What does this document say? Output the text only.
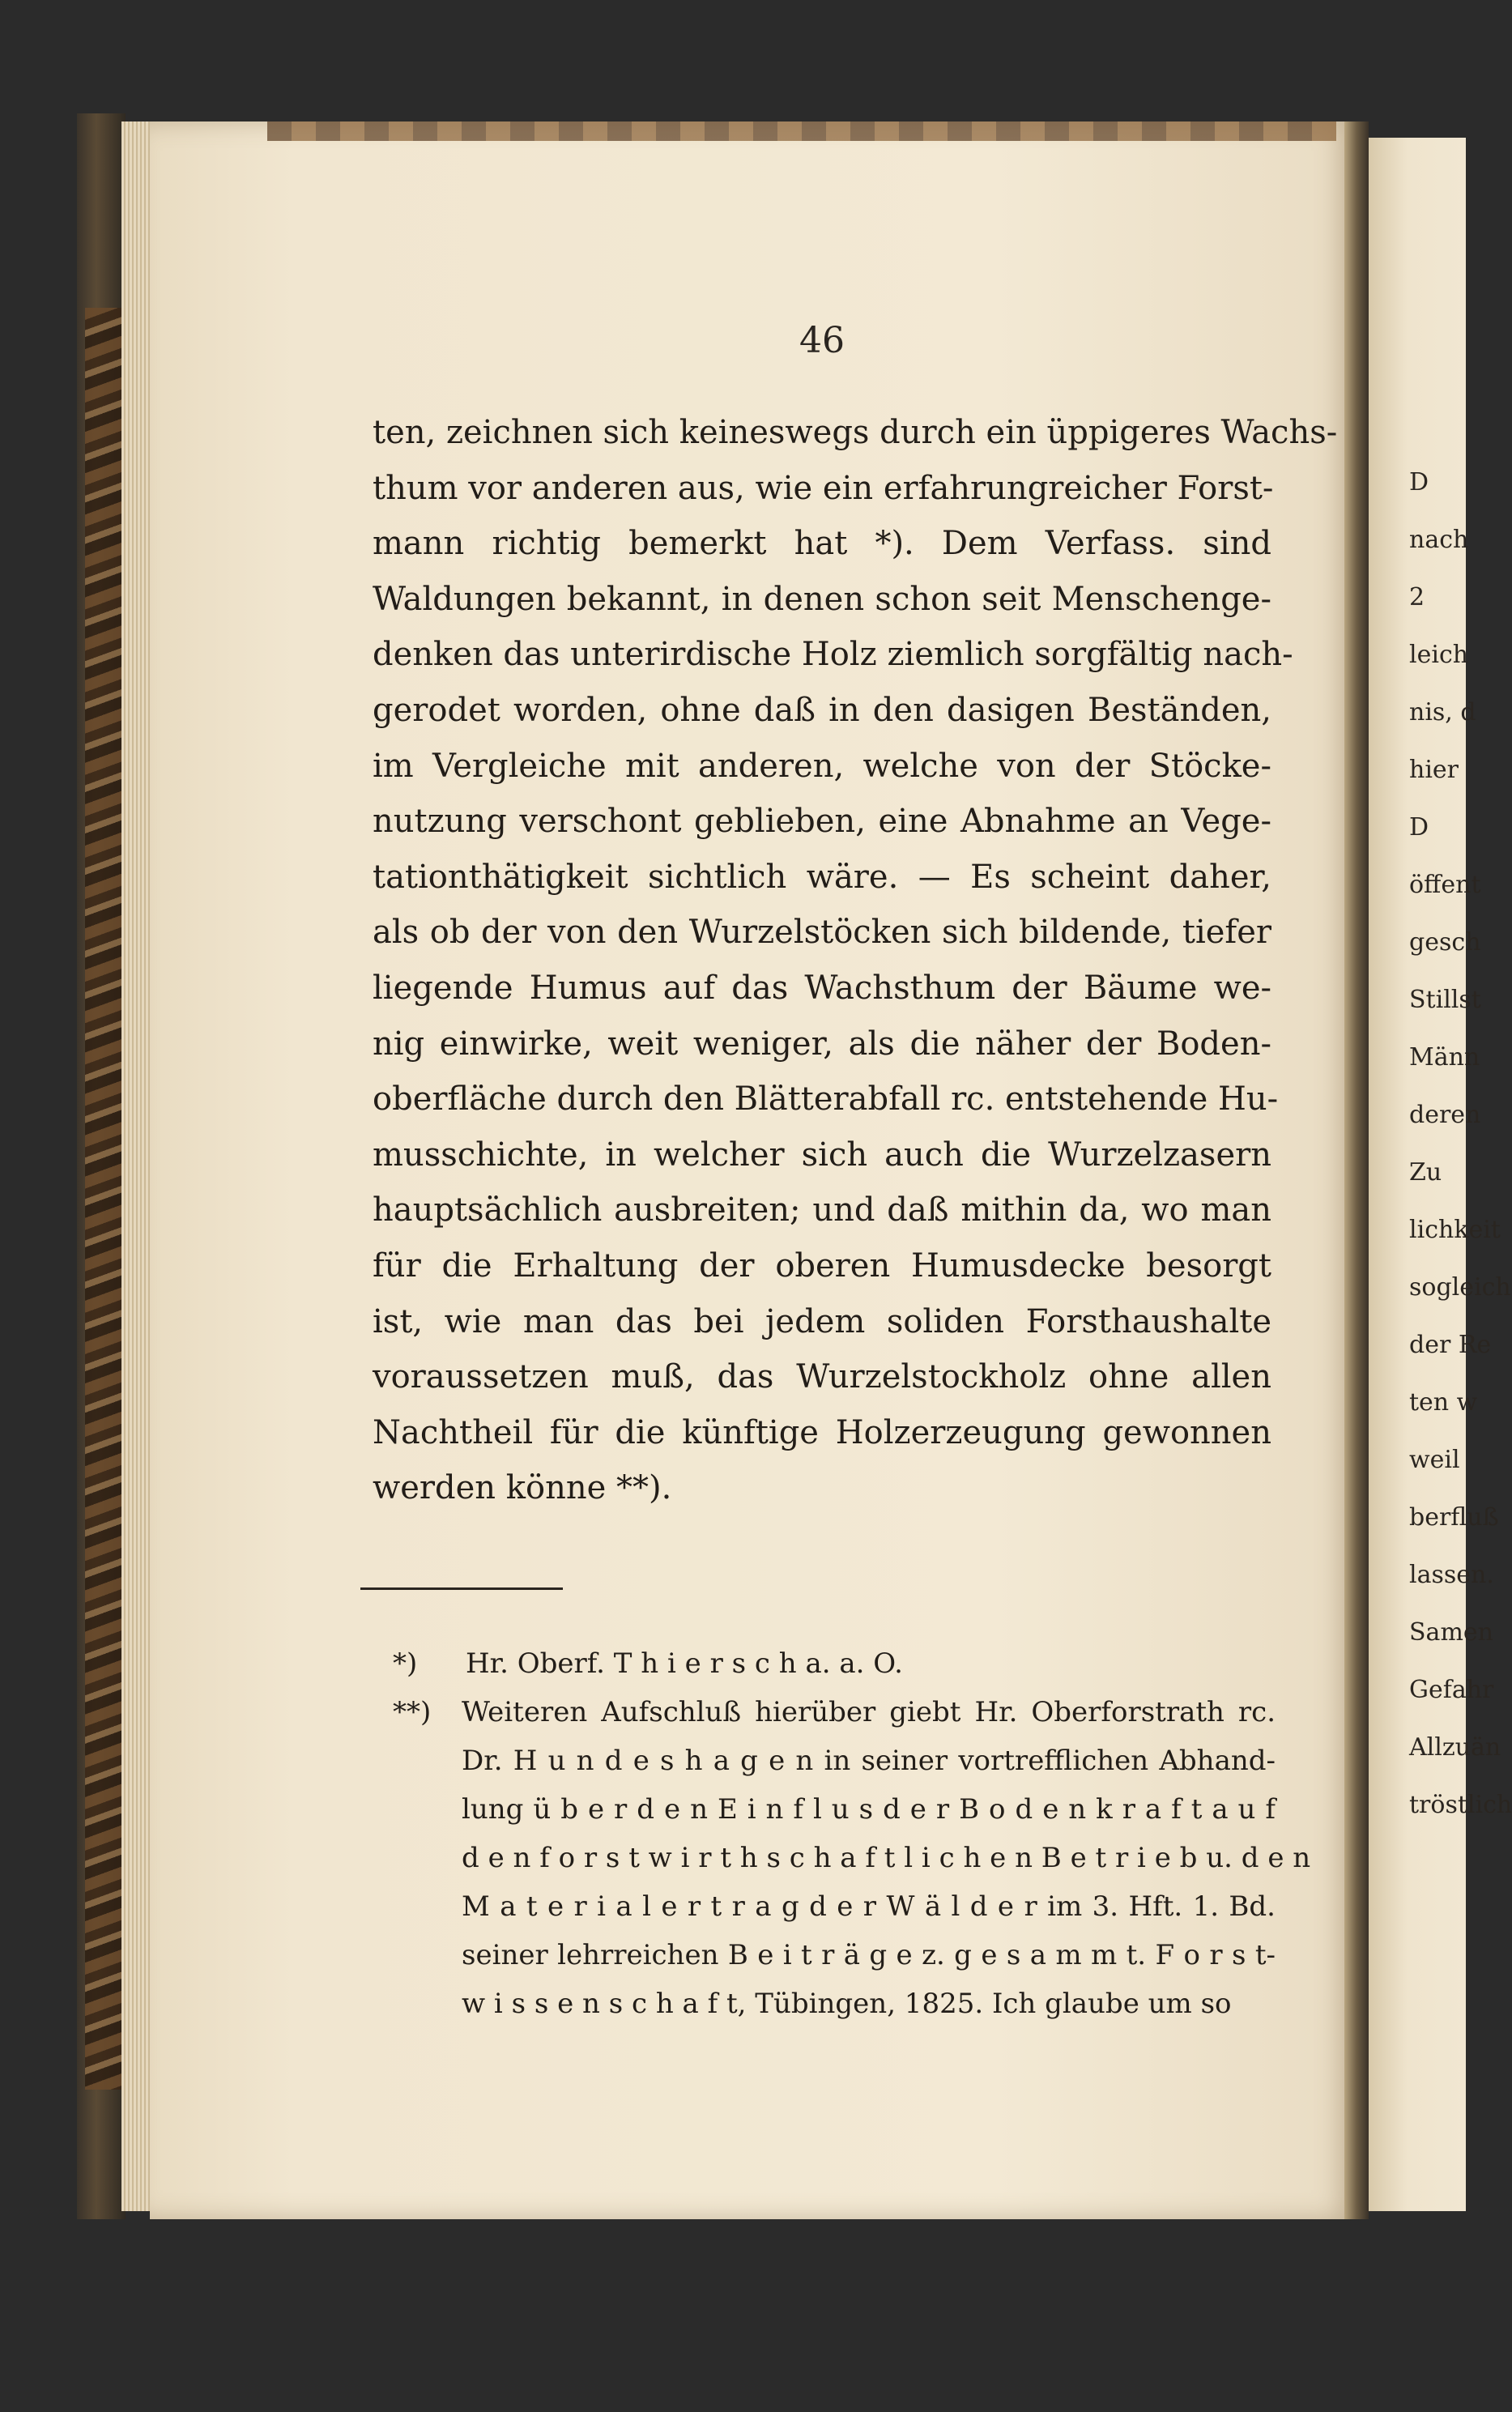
46
ten, zeichnen sich keineswegs durch ein üppigeres Wachs-
thum vor anderen aus, wie ein erfahrungreicher Forst-
mann richtig bemerkt hat *). Dem Verfass. sind
Waldungen bekannt, in denen schon seit Menschenge-
denken das unterirdische Holz ziemlich sorgfältig nach-
gerodet worden, ohne daß in den dasigen Beständen,
im Vergleiche mit anderen, welche von der Stöcke-
nutzung verschont geblieben, eine Abnahme an Vege-
tationthätigkeit sichtlich wäre. — Es scheint daher,
als ob der von den Wurzelstöcken sich bildende, tiefer
liegende Humus auf das Wachsthum der Bäume we-
nig einwirke, weit weniger, als die näher der Boden-
oberfläche durch den Blätterabfall rc. entstehende Hu-
musschichte, in welcher sich auch die Wurzelzasern
hauptsächlich ausbreiten; und daß mithin da, wo man
für die Erhaltung der oberen Humusdecke besorgt
ist, wie man das bei jedem soliden Forsthaushalte
voraussetzen muß, das Wurzelstockholz ohne allen
Nachtheil für die künftige Holzerzeugung gewonnen
werden könne **).
*)	Hr. Oberf. T h i e r s c h a. a. O.
**)	Weiteren Aufschluß hierüber giebt Hr. Oberforstrath rc.
Dr. H u n d e s h a g e n in seiner vortrefflichen Abhand-
lung ü b e r d e n E i n f l u s d e r B o d e n k r a f t a u f
d e n f o r s t w i r t h s c h a f t l i c h e n B e t r i e b u. d e n
M a t e r i a l e r t r a g d e r W ä l d e r im 3. Hft. 1. Bd.
seiner lehrreichen B e i t r ä g e z. g e s a m m t. F o r s t-
w i s s e n s c h a f t, Tübingen, 1825. Ich glaube um so
D
nach
2
leich
nis, d
hier
D
öffent
gesch
Stillst
Männ
deren
Zu
lichkeit
sogleich
der Re
ten w
weil
berfluß
lassen.
Samen
Gefahr
Allzuän
tröstlich
